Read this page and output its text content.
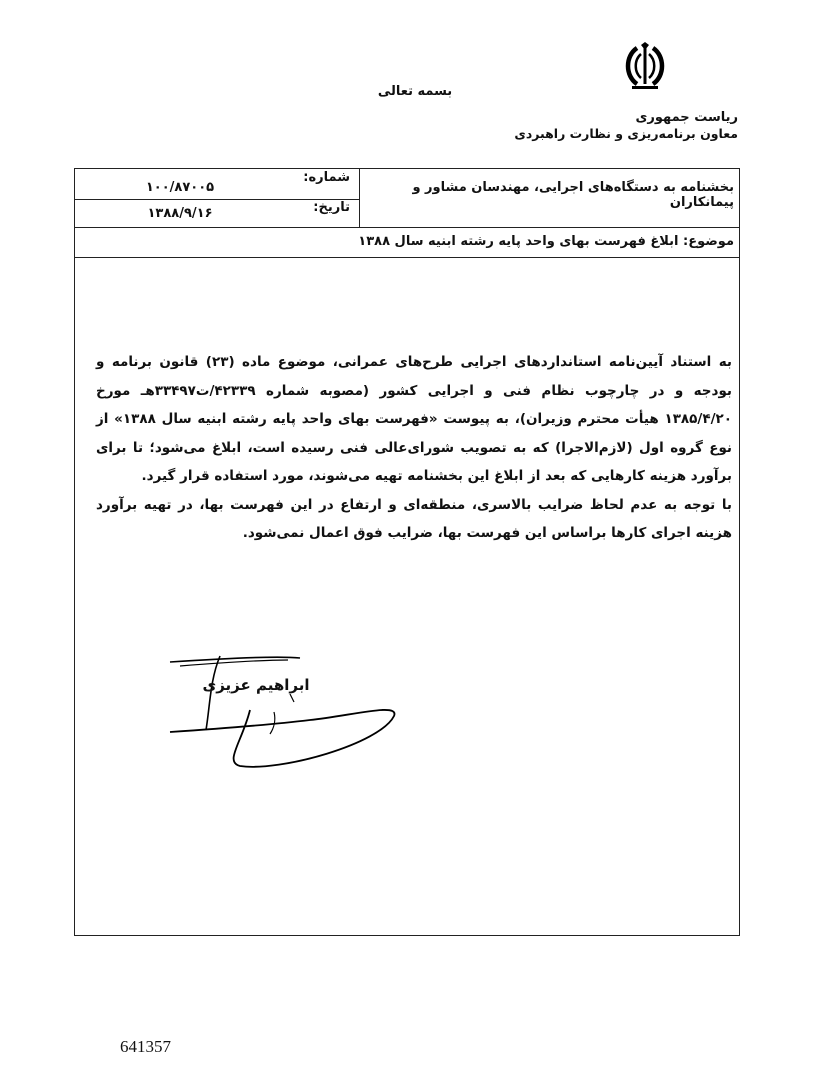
بسمه تعالی
ریاست جمهوری
معاون برنامه‌ریزی و نظارت راهبردی
بخشنامه به دستگاه‌های اجرایی، مهندسان مشاور و پیمانکاران
شماره:
۱۰۰/۸۷۰۰۵
تاریخ:
۱۳۸۸/۹/۱۶
موضوع: ابلاغ فهرست بهای واحد پایه رشته ابنیه سال ۱۳۸۸

به استناد آیین‌نامه استانداردهای اجرایی طرح‌های عمرانی، موضوع ماده (۲۳) قانون برنامه و بودجه و در چارچوب نظام فنی و اجرایی کشور (مصوبه شماره ۴۲۳۳۹/ت۳۳۴۹۷هـ مورخ ۱۳۸۵/۴/۲۰ هیأت محترم وزیران)، به پیوست «فهرست بهای واحد پایه رشته ابنیه سال ۱۳۸۸» از نوع گروه اول (لازم‌الاجرا) که به تصویب شورای‌عالی فنی رسیده است، ابلاغ می‌شود؛ تا برای برآورد هزینه کارهایی که بعد از ابلاغ این بخشنامه تهیه می‌شوند، مورد استفاده قرار گیرد.

با توجه به عدم لحاظ ضرایب بالاسری، منطقه‌ای و ارتفاع در این فهرست بها، در تهیه برآورد هزینه اجرای کارها براساس این فهرست بها، ضرایب فوق اعمال نمی‌شود.

ابراهیم عزیزی
641357
